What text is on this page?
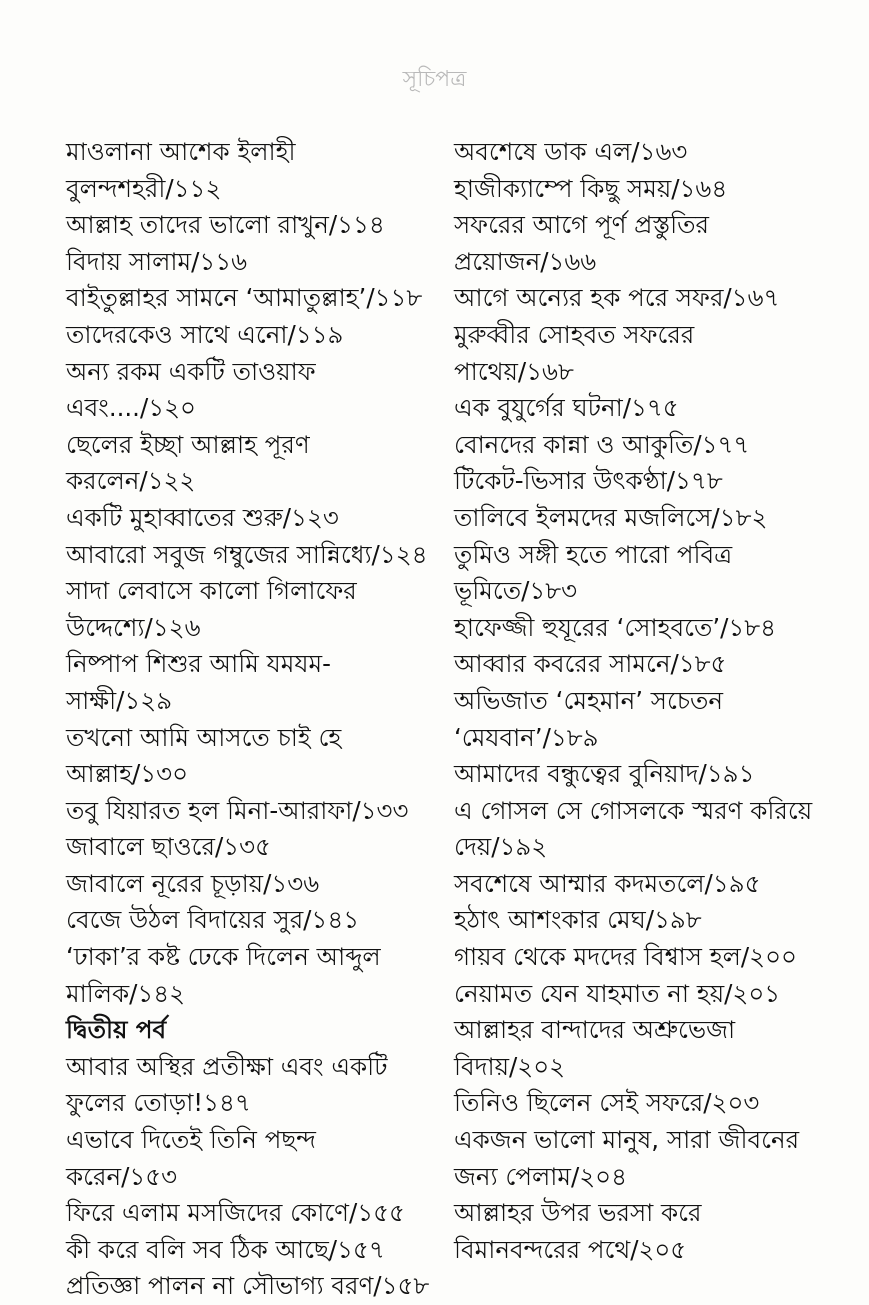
সূচিপত্র
মাওলানা আশেক ইলাহী
বুলন্দশহরী/১১২
আল্লাহ তাদের ভালো রাখুন/১১৪
বিদায় সালাম/১১৬
বাইতুল্লাহর সামনে ‘আমাতুল্লাহ’/১১৮
তাদেরকেও সাথে এনো/১১৯
অন্য রকম একটি তাওয়াফ
এবং..../১২০
ছেলের ইচ্ছা আল্লাহ পূরণ
করলেন/১২২
একটি মুহাব্বাতের শুরু/১২৩
আবারো সবুজ গম্বুজের সান্নিধ্যে/১২৪
সাদা লেবাসে কালো গিলাফের
উদ্দেশ্যে/১২৬
নিষ্পাপ শিশুর আমি যমযম-
সাক্ষী/১২৯
তখনো আমি আসতে চাই হে
আল্লাহ/১৩০
তবু যিয়ারত হল মিনা-আরাফা/১৩৩
জাবালে ছাওরে/১৩৫
জাবালে নূরের চূড়ায়/১৩৬
বেজে উঠল বিদায়ের সুর/১৪১
‘ঢাকা’র কষ্ট ঢেকে দিলেন আব্দুল
মালিক/১৪২
দ্বিতীয় পর্ব
আবার অস্থির প্রতীক্ষা এবং একটি
ফুলের তোড়া!১৪৭
এভাবে দিতেই তিনি পছন্দ
করেন/১৫৩
ফিরে এলাম মসজিদের কোণে/১৫৫
কী করে বলি সব ঠিক আছে/১৫৭
প্রতিজ্ঞা পালন না সৌভাগ্য বরণ/১৫৮
অবশেষে ডাক এল/১৬৩
হাজীক্যাম্পে কিছু সময়/১৬৪
সফরের আগে পূর্ণ প্রস্তুতির
প্রয়োজন/১৬৬
আগে অন্যের হক পরে সফর/১৬৭
মুরুব্বীর সোহবত সফরের
পাথেয়/১৬৮
এক বুযুর্গের ঘটনা/১৭৫
বোনদের কান্না ও আকুতি/১৭৭
টিকেট-ভিসার উৎকণ্ঠা/১৭৮
তালিবে ইলমদের মজলিসে/১৮২
তুমিও সঙ্গী হতে পারো পবিত্র
ভূমিতে/১৮৩
হাফেজ্জী হুযূরের ‘সোহবতে’/১৮৪
আব্বার কবরের সামনে/১৮৫
অভিজাত ‘মেহমান’ সচেতন
‘মেযবান’/১৮৯
আমাদের বন্ধুত্বের বুনিয়াদ/১৯১
এ গোসল সে গোসলকে স্মরণ করিয়ে
দেয়/১৯২
সবশেষে আম্মার কদমতলে/১৯৫
হঠাৎ আশংকার মেঘ/১৯৮
গায়ব থেকে মদদের বিশ্বাস হল/২০০
নেয়ামত যেন যাহমাত না হয়/২০১
আল্লাহর বান্দাদের অশ্রুভেজা
বিদায়/২০২
তিনিও ছিলেন সেই সফরে/২০৩
একজন ভালো মানুষ, সারা জীবনের
জন্য পেলাম/২০৪
আল্লাহর উপর ভরসা করে
বিমানবন্দরের পথে/২০৫
